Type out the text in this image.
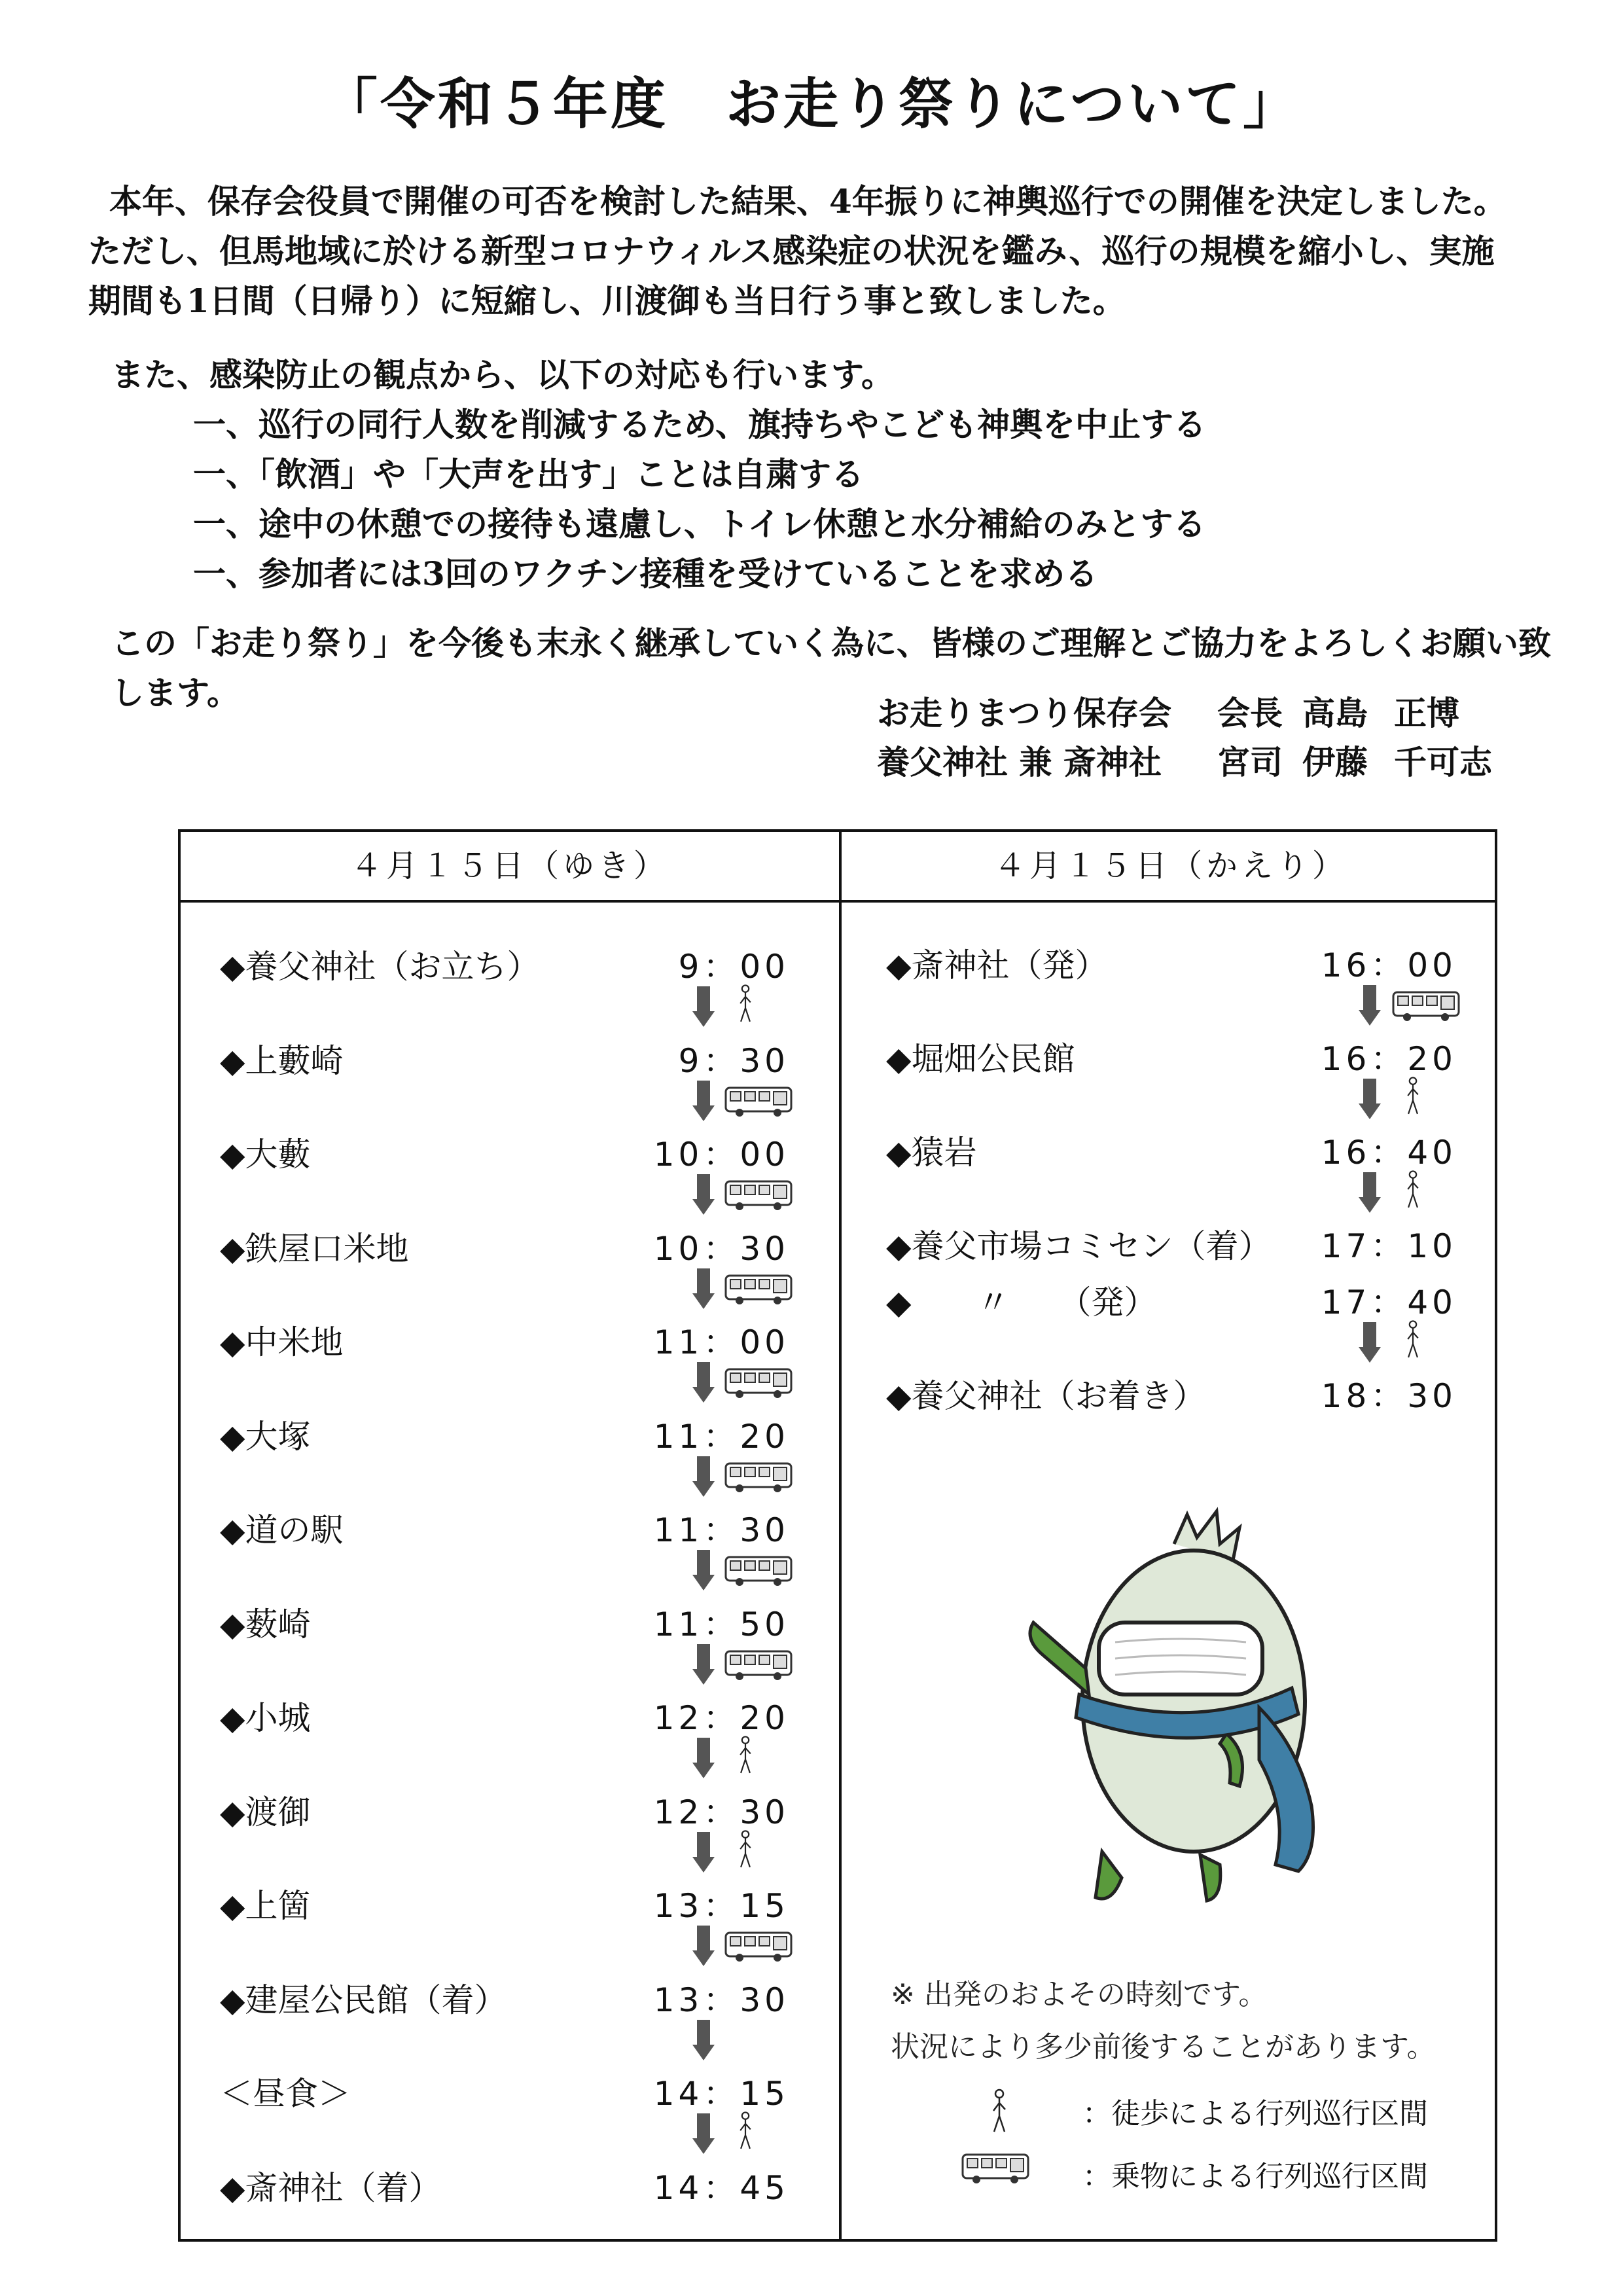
「令和５年度　お走り祭りについて」
本年、保存会役員で開催の可否を検討した結果、4年振りに神輿巡行での開催を決定しました。
ただし、但馬地域に於ける新型コロナウィルス感染症の状況を鑑み、巡行の規模を縮小し、実施
期間も1日間（日帰り）に短縮し、川渡御も当日行う事と致しました。
また、感染防止の観点から、以下の対応も行います。

一、巡行の同行人数を削減するため、旗持ちやこども神輿を中止する
一、「飲酒」や「大声を出す」ことは自粛する
一、途中の休憩での接待も遠慮し、トイレ休憩と水分補給のみとする
一、参加者には3回のワクチン接種を受けていることを求める
この「お走り祭り」を今後も末永く継承していく為に、皆様のご理解とご協力をよろしくお願い致します。
お走りまつり保存会 会長 高島 正博
養父神社 兼 斎神社 宮司 伊藤 千可志
４月１５日（ゆき）	４月１５日（かえり）
◆養父神社（お立ち）	9：00
◆上藪崎	9：30
◆大藪	10：00
◆鉄屋口米地	10：30
◆中米地	11：00
◆大塚	11：20
◆道の駅	11：30
◆薮崎	11：50
◆小城	12：20
◆渡御	12：30
◆上箇	13：15
◆建屋公民館（着）	13：30
＜昼食＞	14：15
◆斎神社（着）	14：45
◆斎神社（発）	16：00
◆堀畑公民館	16：20
◆猿岩	16：40
◆養父市場コミセン（着） 17：10
◆　　〃　　（発）	17：40
◆養父神社（お着き）	18：30
※ 出発のおよその時刻です。
状況により多少前後することがあります。
：徒歩による行列巡行区間
：乗物による行列巡行区間
